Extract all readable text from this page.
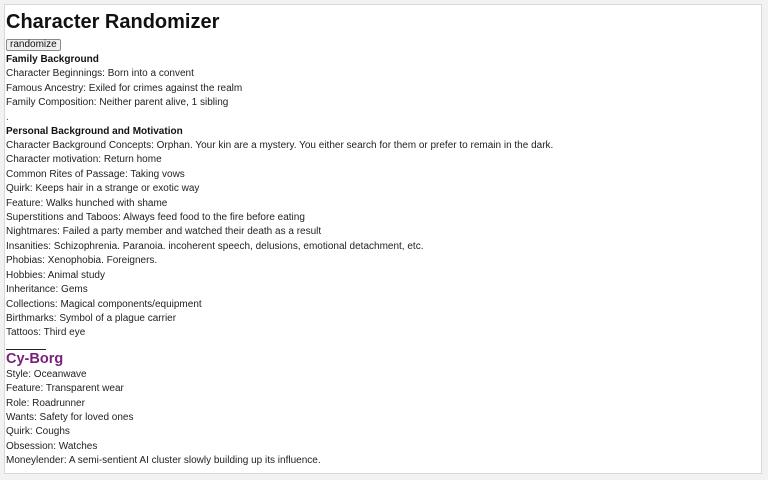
Character Randomizer
randomize
Family Background
Character Beginnings: Born into a convent
Famous Ancestry: Exiled for crimes against the realm
Family Composition: Neither parent alive, 1 sibling
.
Personal Background and Motivation
Character Background Concepts: Orphan. Your kin are a mystery. You either search for them or prefer to remain in the dark.
Character motivation: Return home
Common Rites of Passage: Taking vows
Quirk: Keeps hair in a strange or exotic way
Feature: Walks hunched with shame
Superstitions and Taboos: Always feed food to the fire before eating
Nightmares: Failed a party member and watched their death as a result
Insanities: Schizophrenia. Paranoia. incoherent speech, delusions, emotional detachment, etc.
Phobias: Xenophobia. Foreigners.
Hobbies: Animal study
Inheritance: Gems
Collections: Magical components/equipment
Birthmarks: Symbol of a plague carrier
Tattoos: Third eye
Cy-Borg
Style: Oceanwave
Feature: Transparent wear
Role: Roadrunner
Wants: Safety for loved ones
Quirk: Coughs
Obsession: Watches
Moneylender: A semi-sentient AI cluster slowly building up its influence.
